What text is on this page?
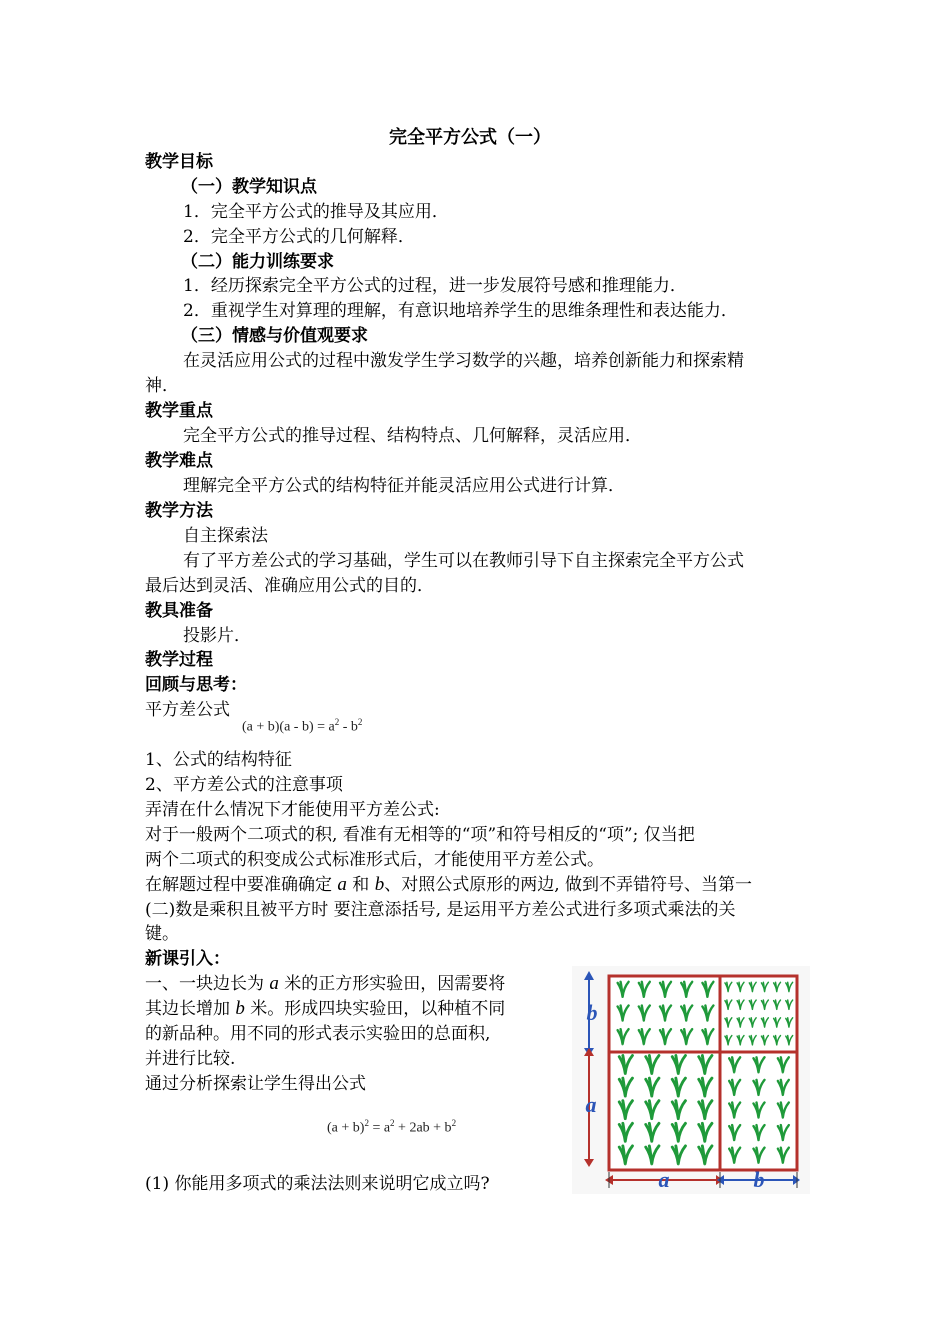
完全平方公式（一）
教学目标
（一）教学知识点
1．完全平方公式的推导及其应用．
2．完全平方公式的几何解释．
（二）能力训练要求
1．经历探索完全平方公式的过程，进一步发展符号感和推理能力．
2．重视学生对算理的理解，有意识地培养学生的思维条理性和表达能力．
（三）情感与价值观要求
在灵活应用公式的过程中激发学生学习数学的兴趣，培养创新能力和探索精
神．
教学重点
完全平方公式的推导过程、结构特点、几何解释，灵活应用．
教学难点
理解完全平方公式的结构特征并能灵活应用公式进行计算．
教学方法
自主探索法
有了平方差公式的学习基础，学生可以在教师引导下自主探索完全平方公式
最后达到灵活、准确应用公式的目的．
教具准备
投影片．
教学过程
回顾与思考：
平方差公式
$(a + b)(a - b) = a^2 - b^2$
1、公式的结构特征
2、平方差公式的注意事项
弄清在什么情况下才能使用平方差公式:
对于一般两个二项式的积, 看准有无相等的“项”和符号相反的“项”; 仅当把
两个二项式的积变成公式标准形式后，才能使用平方差公式。
在解题过程中要准确确定 a 和 b、对照公式原形的两边, 做到不弄错符号、当第一
(二)数是乘积且被平方时 要注意添括号, 是运用平方差公式进行多项式乘法的关
键。
新课引入：
一、一块边长为 a 米的正方形实验田，因需要将
其边长增加 b 米。形成四块实验田，以种植不同
的新品种。用不同的形式表示实验田的总面积,
并进行比较.
通过分析探索让学生得出公式
$(a + b)^2 = a^2 + 2ab + b^2$
(1) 你能用多项式的乘法法则来说明它成立吗?
b
a
a	b
